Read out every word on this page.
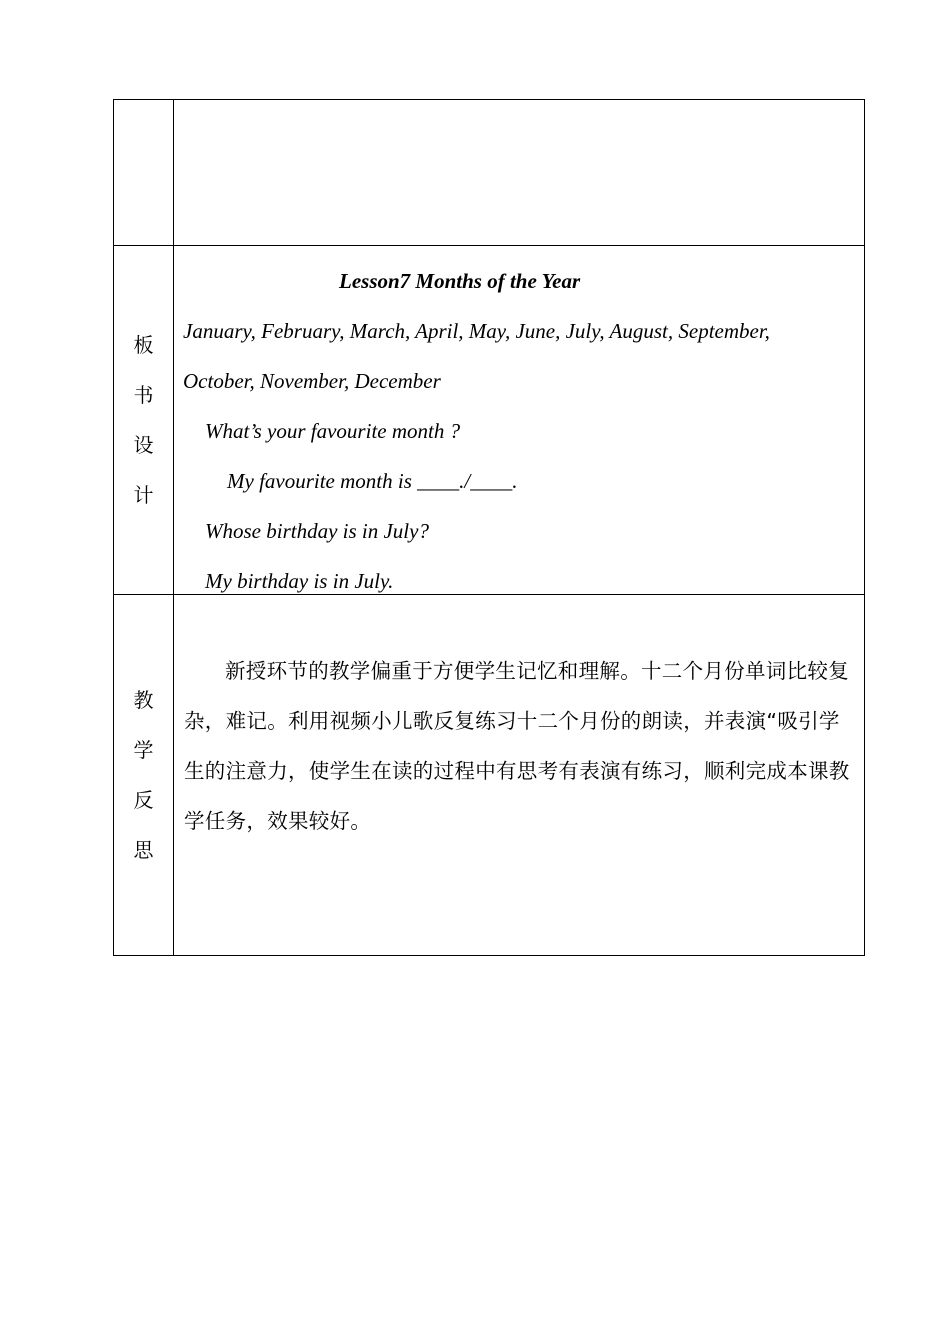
板
书
设
计
Lesson7 Months of the Year
January, February, March, April, May, June, July, August, September,
October, November, December
What’s your favourite month ?
My favourite month is ____./____.
Whose birthday is in July?
My birthday is in July.
教
学
反
思
新授环节的教学偏重于方便学生记忆和理解。十二个月份单词比较复杂，难记。利用视频小儿歌反复练习十二个月份的朗读，并表演“吸引学生的注意力，使学生在读的过程中有思考有表演有练习，顺利完成本课教学任务，效果较好。
